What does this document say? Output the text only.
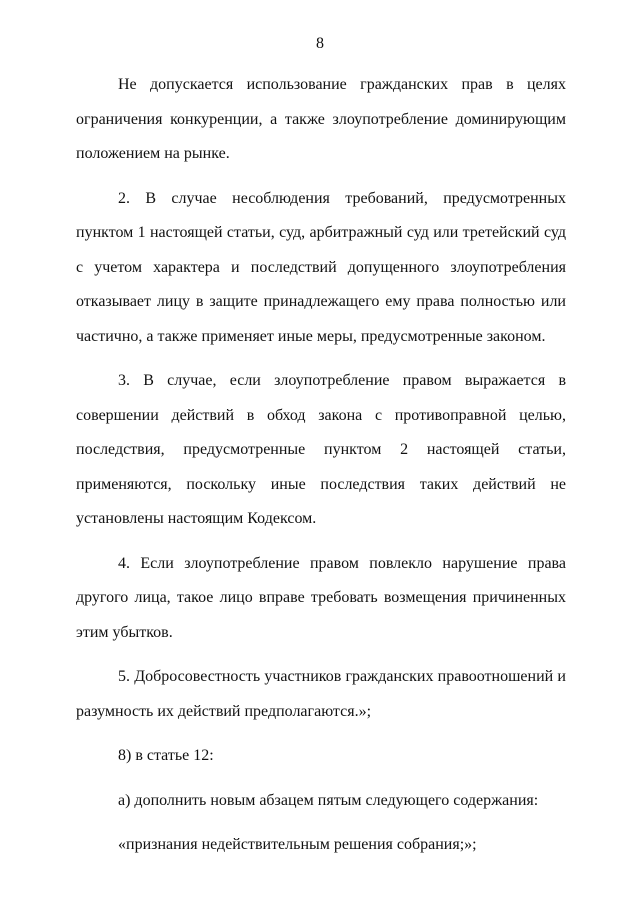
8

Не допускается использование гражданских прав в целях ограничения конкуренции, а также злоупотребление доминирующим положением на рынке.

2. В случае несоблюдения требований, предусмотренных пунктом 1 настоящей статьи, суд, арбитражный суд или третейский суд с учетом характера и последствий допущенного злоупотребления отказывает лицу в защите принадлежащего ему права полностью или частично, а также применяет иные меры, предусмотренные законом.

3. В случае, если злоупотребление правом выражается в совершении действий в обход закона с противоправной целью, последствия, предусмотренные пунктом 2 настоящей статьи, применяются, поскольку иные последствия таких действий не установлены настоящим Кодексом.

4. Если злоупотребление правом повлекло нарушение права другого лица, такое лицо вправе требовать возмещения причиненных этим убытков.

5. Добросовестность участников гражданских правоотношений и разумность их действий предполагаются.»;

8) в статье 12:

а) дополнить новым абзацем пятым следующего содержания:

«признания недействительным решения собрания;»;
